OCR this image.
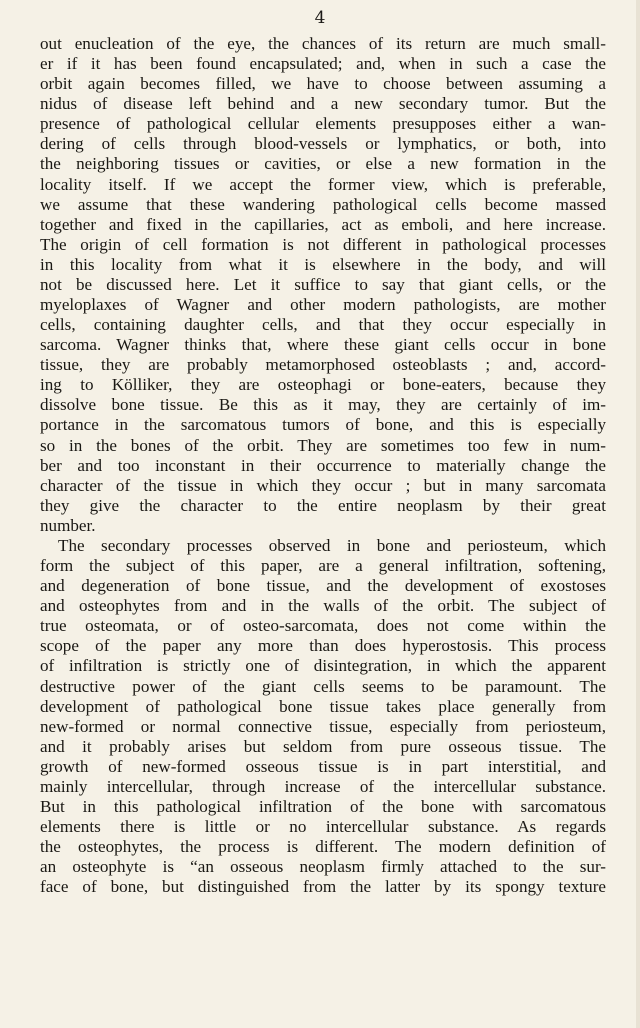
4
out enucleation of the eye, the chances of its return are much small-
er if it has been found encapsulated; and, when in such a case the
orbit again becomes filled, we have to choose between assuming a
nidus of disease left behind and a new secondary tumor. But the
presence of pathological cellular elements presupposes either a wan-
dering of cells through blood-vessels or lymphatics, or both, into
the neighboring tissues or cavities, or else a new formation in the
locality itself. If we accept the former view, which is preferable,
we assume that these wandering pathological cells become massed
together and fixed in the capillaries, act as emboli, and here increase.
The origin of cell formation is not different in pathological processes
in this locality from what it is elsewhere in the body, and will
not be discussed here. Let it suffice to say that giant cells, or the
myeloplaxes of Wagner and other modern pathologists, are mother
cells, containing daughter cells, and that they occur especially in
sarcoma. Wagner thinks that, where these giant cells occur in bone
tissue, they are probably metamorphosed osteoblasts ; and, accord-
ing to Kölliker, they are osteophagi or bone-eaters, because they
dissolve bone tissue. Be this as it may, they are certainly of im-
portance in the sarcomatous tumors of bone, and this is especially
so in the bones of the orbit. They are sometimes too few in num-
ber and too inconstant in their occurrence to materially change the
character of the tissue in which they occur ; but in many sarcomata
they give the character to the entire neoplasm by their great
number.
The secondary processes observed in bone and periosteum, which
form the subject of this paper, are a general infiltration, softening,
and degeneration of bone tissue, and the development of exostoses
and osteophytes from and in the walls of the orbit. The subject of
true osteomata, or of osteo-sarcomata, does not come within the
scope of the paper any more than does hyperostosis. This process
of infiltration is strictly one of disintegration, in which the apparent
destructive power of the giant cells seems to be paramount. The
development of pathological bone tissue takes place generally from
new-formed or normal connective tissue, especially from periosteum,
and it probably arises but seldom from pure osseous tissue. The
growth of new-formed osseous tissue is in part interstitial, and
mainly intercellular, through increase of the intercellular substance.
But in this pathological infiltration of the bone with sarcomatous
elements there is little or no intercellular substance. As regards
the osteophytes, the process is different. The modern definition of
an osteophyte is “an osseous neoplasm firmly attached to the sur-
face of bone, but distinguished from the latter by its spongy texture
